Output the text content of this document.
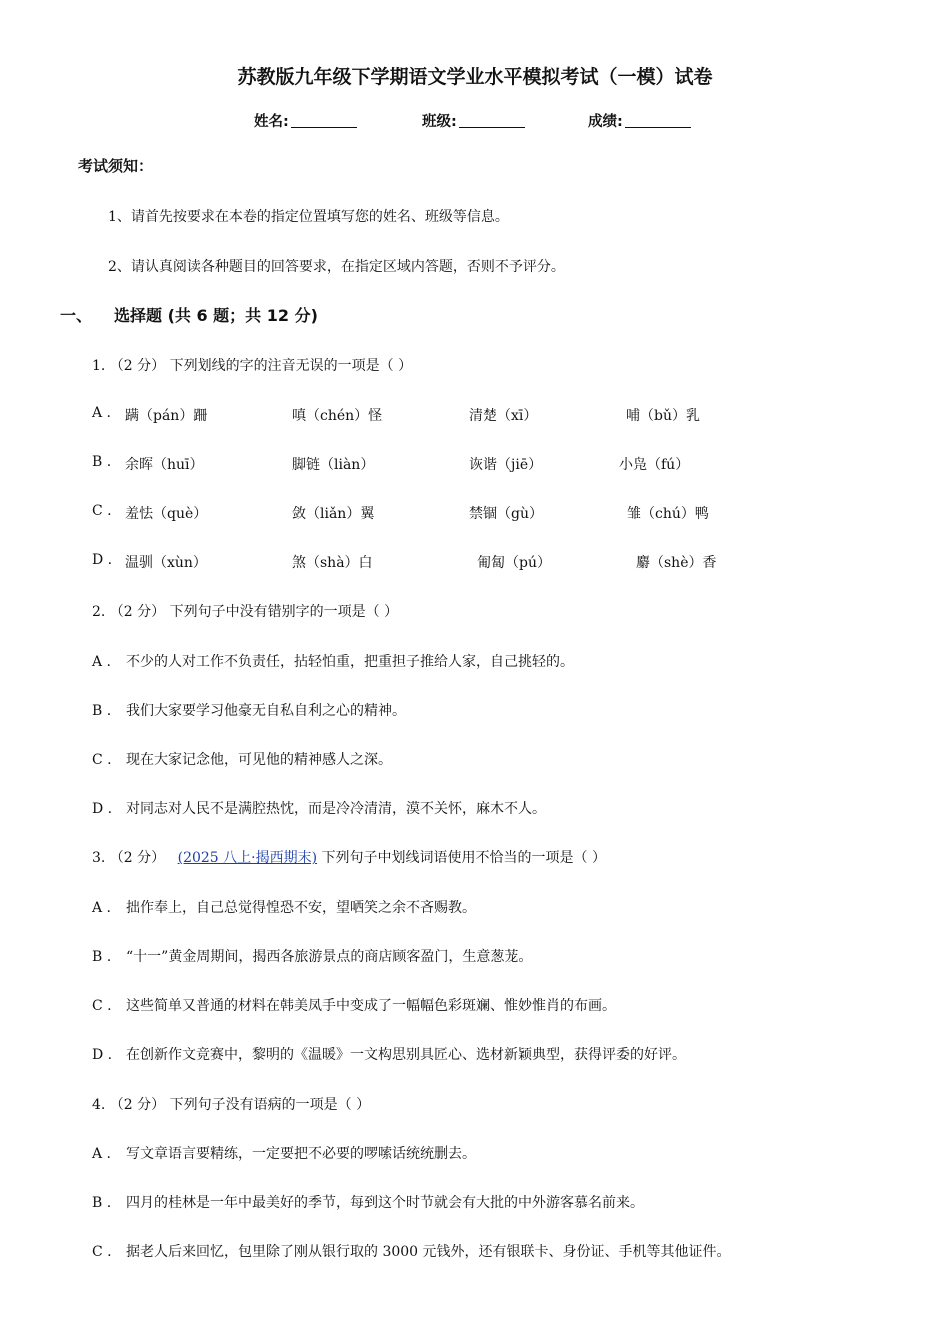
苏教版九年级下学期语文学业水平模拟考试（一模）试卷
姓名:	班级:	成绩:
考试须知：
1、请首先按要求在本卷的指定位置填写您的姓名、班级等信息。
2、请认真阅读各种题目的回答要求，在指定区域内答题，否则不予评分。
一、 选择题 (共 6 题；共 12 分)
1. （2 分） 下列划线的字的注音无误的一项是（ ）
A . 蹒（pán）跚	嗔（chén）怪	清楚（xī）	哺（bǔ）乳
B . 余晖（huī）	脚链（liàn）	诙谐（jiē）	小凫（fú）
C . 羞怯（què）	敛（liǎn）翼	禁锢（gù）	雏（chú）鸭
D . 温驯（xùn）	煞（shà）白	匍匐（pú）	麝（shè）香
2. （2 分） 下列句子中没有错别字的一项是（ ）
A . 不少的人对工作不负责任，拈轻怕重，把重担子推给人家，自己挑轻的。
B . 我们大家要学习他豪无自私自利之心的精神。
C . 现在大家记念他，可见他的精神感人之深。
D . 对同志对人民不是满腔热忱，而是冷冷清清，漠不关怀，麻木不人。
3. （2 分） (2025 八上·揭西期末) 下列句子中划线词语使用不恰当的一项是（ ）
A . 拙作奉上，自己总觉得惶恐不安，望哂笑之余不吝赐教。
B . “十一”黄金周期间，揭西各旅游景点的商店顾客盈门，生意葱茏。
C . 这些简单又普通的材料在韩美凤手中变成了一幅幅色彩斑斓、惟妙惟肖的布画。
D . 在创新作文竞赛中，黎明的《温暖》一文构思别具匠心、选材新颖典型，获得评委的好评。
4. （2 分） 下列句子没有语病的一项是（ ）
A . 写文章语言要精练，一定要把不必要的啰嗦话统统删去。
B . 四月的桂林是一年中最美好的季节，每到这个时节就会有大批的中外游客慕名前来。
C . 据老人后来回忆，包里除了刚从银行取的 3000 元钱外，还有银联卡、身份证、手机等其他证件。
